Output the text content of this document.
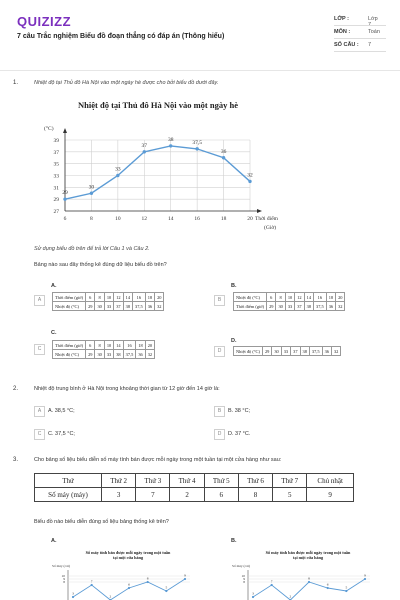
QUIZIZZ
7 câu Trắc nghiệm Biểu đồ đoạn thẳng có đáp án (Thông hiểu)
LỚP :	Lớp 7
MÔN :	Toán
SỐ CÂU : 7
1.	Nhiệt độ tại Thủ đô Hà Nội vào một ngày hè được cho bởi biểu đồ dưới đây.
Nhiệt độ tại Thủ đô Hà Nội vào một ngày hè
(°C)
Thời điểm
(Giờ)
27
29
31
33
35
37
39
6	8	10	12	14	16	18	20
29
30
33
37
38	37,5
36
32
Sử dụng biểu đồ trên để trả lời Câu 1 và Câu 2.
Bảng nào sau đây thống kê đúng dữ liệu biểu đồ trên?
A.
A	Thời điểm (giờ)	6	8	10	12	14	16	18	20
Nhiệt độ (°C)	29	30	33	37	38	37,5	36	32
B.
B	Nhiệt độ (°C)	6	8	10	12	14	16	18	20
Thời điểm (giờ)	29	30	33	37	38	37,5	36	32
C.
C
Thời điểm (giờ)	6	8	10	14	16	18	20
Nhiệt độ (°C)	29	30	33	38	37,5	36	32
D.
D	Nhiệt độ (°C)	29	30	33	37	38	37,5	36	32
2.	Nhiệt độ trung bình ở Hà Nội trong khoảng thời gian từ 12 giờ đến 14 giờ là:
A	A. 38,5 °C;	B	B. 38 °C;
C	C. 37,5 °C;	D	D. 37 °C.
3.	Cho bảng số liệu biểu diễn số máy tính bán được mỗi ngày trong một tuần tại một cửa hàng như sau:
Thứ	Thứ 2	Thứ 3	Thứ 4	Thứ 5	Thứ 6	Thứ 7	Chủ nhật
Số máy (máy)	3	7	2	6	8	5	9
Biểu đồ nào biểu diễn đúng số liệu bảng thống kê trên?
A.	B.
Số máy tính bán được mỗi ngày trong một tuần
tại một cửa hàng
Số máy (cái)
10
9
8
3
7
2
6
8
5
9
Số máy tính bán được mỗi ngày trong một tuần
tại một cửa hàng
Số máy (cái)
10
9
8
3
7
2
8
6
5
9
